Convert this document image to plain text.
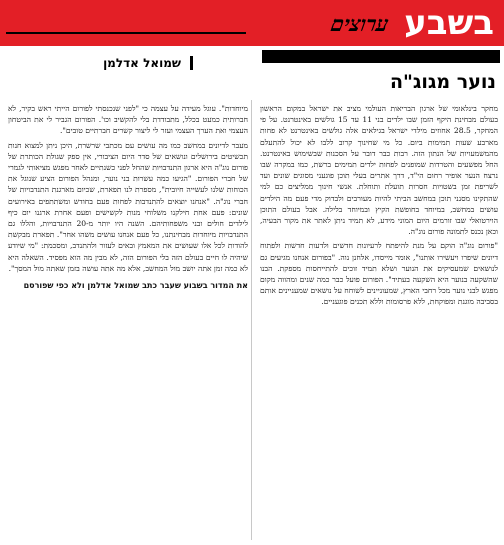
בשבע
ערוצים
שמואל אדלמן
נוער מגוג"ה

מחקר בינלאומי של ארגון הבריאות העולמי מציב את ישראל במקום הראשון בעולם מבחינת היקף הזמן שבו ילדים בני 11 עד 15 גולשים באינטרנט. על פי המחקר, 28.5 אחוזים מילדי ישראל בגילאים אלה גולשים באינטרנט לא פחות מארבע שעות תמימות ביום. כל מי שחינוך קרוב ללבו לא יכול להתעלם מהמשמעויות של הנתון הזה. רבות כבר דובר על הסכנות שבשימוש באינטרנט. החל מפשעים והטרדות שמופנים לפחות ילדים תמימים ברשת, כמו במקרה שבו נרצח הנער אופיר רחום הי"ד, דרך אתרים בעלי תוכן פוגעני מסוגים שונים ועד לשריפת זמן בשטויות חסרות תועלת ותוחלת. אנשי חינוך ממליצים כם למי שהתקינו מסנני תוכן במחשב הביתי להיות מעורבים ולבדוק מדי פעם מה הילדים עושים במחשב, במיוחד בחופשת הקיץ ובמיוחד בלילה. אבל בעולם התוכן הוירטואלי שבו זורמים היום המוני מידע, לא תמיד ניתן לאתר את מקור הבעיה, וכאן נכנס לתמונה פורום נוג"ה.

"פורום נוג"ה הוקם על מנת להיפתח לרעיונות חדשים ולדעות חדשות ולפתוח דיונים שיפרו ויעשירו אותנו", אומר מייסדו, אלחנן נוה. "בפורום אנחנו מגיעים גם לנושאים שמעסיקים את הנוער ושלא תמיד זוכים להתייחסות מספקת. הבנו שהשקעה בנוער היא השקעה בעתיד". הפורום פועל כבר כמה שנים ומהווה מקום מפגש לבני נוער מכל רחבי הארץ, שמעוניינים לשוחח על נושאים שמעניינים אותם בסביבה מוגנת ומפוקחת, ללא פרסומות וללא תכנים פוגעניים.

מיוחדות". עוגל מעידה על עצמה כי "לפני שנכנסתי לפורום הייתי ראש בקיר, לא חברותית כמעט בכלל, מתבודדת בלי להקשיב וכו'. הפורום הגביר לי את הביטחון העצמי ואת הערך העצמי ועזר לי ליצור קשרים חברתיים טובים".

מעבר לדיונים במחשב כמו מה עושים עם מכתבי שרשרת, היכן ניתן למצוא חנות תכשיטים בירושלים ונושאים של סדר היום הציבורי, אין ספק שגולת הכותרת של פורום נוג"ה היא ארגון התנדבויות שהחל לפני כשנתיים לאחר מפגש מציאותי לגמרי של חברי הפורום. "הגיעו כמה עשרות בני נוער, ומנהל הפורום הציע שנוגל את הכוחות שלנו לעשייה חיובית", מספרת לנו תפארת, שכיום מארגנת התנדבויות של חברי נוג"ה. "אנחנו יוצאים להתנדבות לפחות פעם בחודש ומשתתפים באירועים שונים: פעם אחת חילקנו משלוחי מנות לקשישים ופעם אחרת ארגנו יום כיף לילדים חולים ובני משפחותיהם. השנה היו יותר מ-20 התנדבויות, והללו גם התנדבויות מיוחדות מבחינתנו, כל פעם אנחנו עושים משהו אחר". תפארת מבקשת להודות לכל אלו שעושים את המאמץ ובאים לעזור ולהתנדב, ומסכמת: "מי שיודע שיהיה לו חיים בעולם הזה בלי הפורום הזה, לא מבין מה הוא מפסיד. השאלה היא לא כמה זמן אתה יושב מול המחשב, אלא מה אתה עושה בזמן שאתה מול המסך".

את המדור בשבוע שעבר כתב שמואל אדלמן ולא כפי שפורסם
